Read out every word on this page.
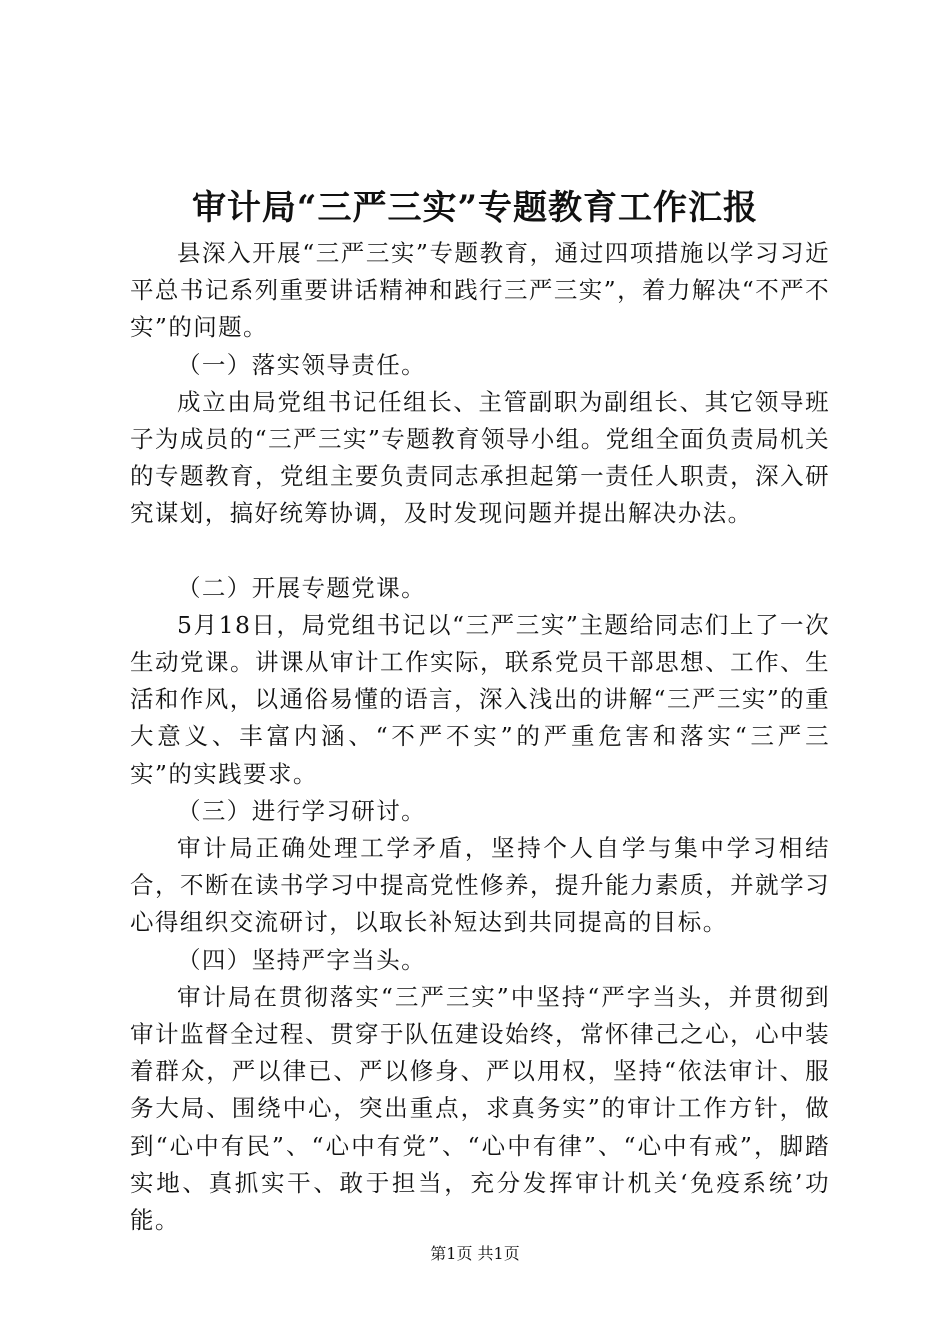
审计局“三严三实”专题教育工作汇报

县深入开展“三严三实”专题教育，通过四项措施以学习习近平总书记系列重要讲话精神和践行三严三实”，着力解决“不严不实”的问题。

（一）落实领导责任。

成立由局党组书记任组长、主管副职为副组长、其它领导班子为成员的“三严三实”专题教育领导小组。党组全面负责局机关的专题教育，党组主要负责同志承担起第一责任人职责，深入研究谋划，搞好统筹协调，及时发现问题并提出解决办法。

（二）开展专题党课。

5月18日，局党组书记以“三严三实”主题给同志们上了一次生动党课。讲课从审计工作实际，联系党员干部思想、工作、生活和作风，以通俗易懂的语言，深入浅出的讲解“三严三实”的重大意义、丰富内涵、“不严不实”的严重危害和落实“三严三实”的实践要求。

（三）进行学习研讨。

审计局正确处理工学矛盾，坚持个人自学与集中学习相结合，不断在读书学习中提高党性修养，提升能力素质，并就学习心得组织交流研讨，以取长补短达到共同提高的目标。

（四）坚持严字当头。

审计局在贯彻落实“三严三实”中坚持“严字当头，并贯彻到审计监督全过程、贯穿于队伍建设始终，常怀律己之心，心中装着群众，严以律已、严以修身、严以用权，坚持“依法审计、服务大局、围绕中心，突出重点，求真务实”的审计工作方针，做到“心中有民”、“心中有党”、“心中有律”、“心中有戒”，脚踏实地、真抓实干、敢于担当，充分发挥审计机关‘免疫系统’功能。

第1页 共1页
